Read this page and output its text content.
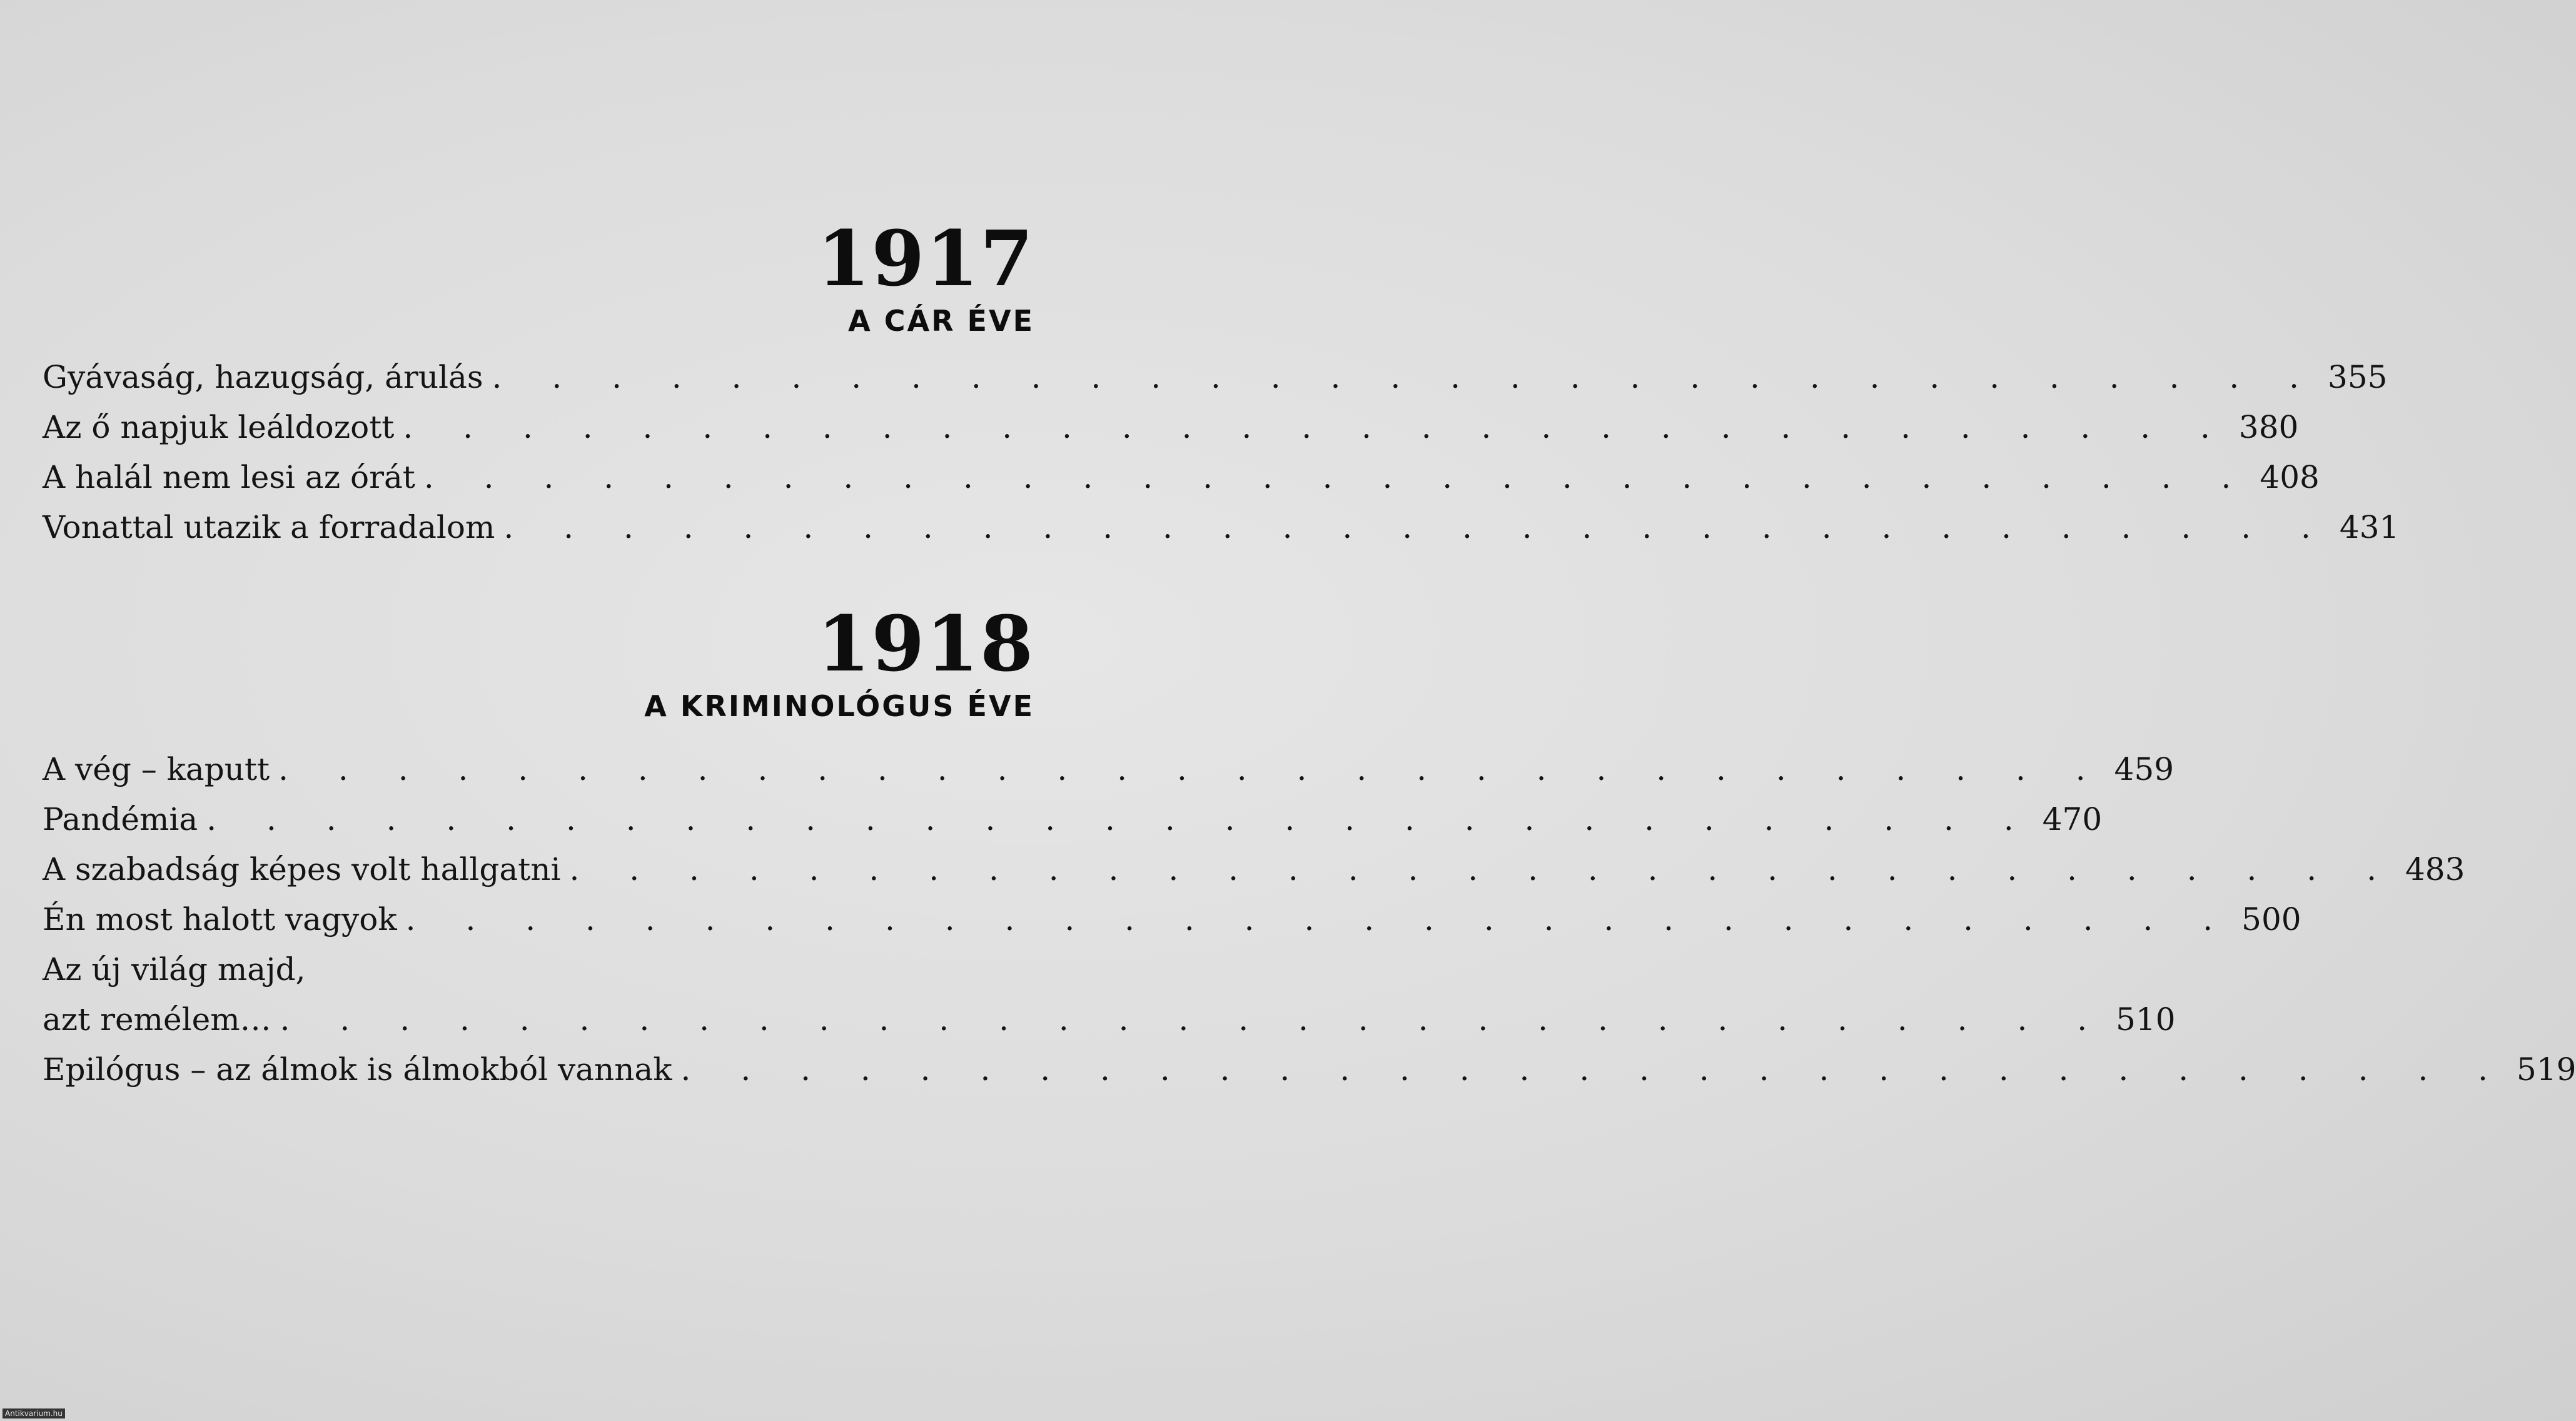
1917
A CÁR ÉVE
Gyávaság, hazugság, árulás . . . . . . . . . . . . . . . . . . . . . . . . . . . . . . . 355
Az ő napjuk leáldozott . . . . . . . . . . . . . . . . . . . . . . . . . . . . . . . 380
A halál nem lesi az órát . . . . . . . . . . . . . . . . . . . . . . . . . . . . . . . 408
Vonattal utazik a forradalom . . . . . . . . . . . . . . . . . . . . . . . . . . . . . . . 431
1918
A KRIMINOLÓGUS ÉVE
A vég – kaputt . . . . . . . . . . . . . . . . . . . . . . . . . . . . . . . 459
Pandémia . . . . . . . . . . . . . . . . . . . . . . . . . . . . . . . 470
A szabadság képes volt hallgatni . . . . . . . . . . . . . . . . . . . . . . . . . . . . . . . 483
Én most halott vagyok . . . . . . . . . . . . . . . . . . . . . . . . . . . . . . . 500
Az új világ majd,
azt remélem… . . . . . . . . . . . . . . . . . . . . . . . . . . . . . . . 510
Epilógus – az álmok is álmokból vannak . . . . . . . . . . . . . . . . . . . . . . . . . . . . . . . 519
Antikvarium.hu
